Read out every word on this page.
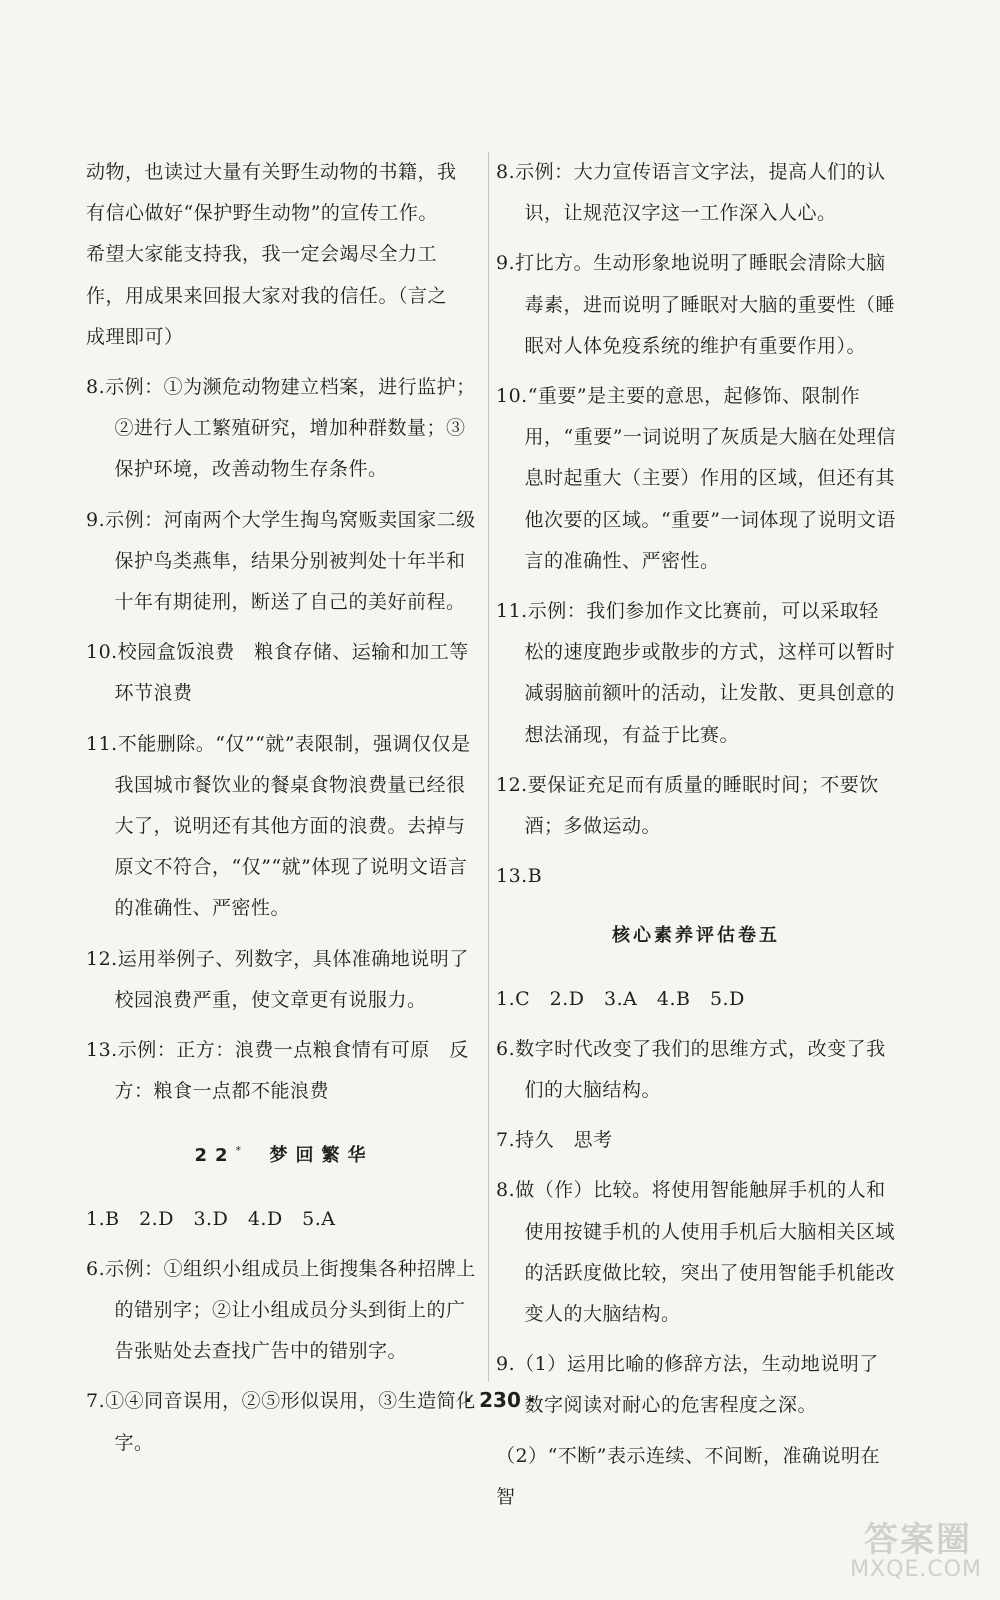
动物，也读过大量有关野生动物的书籍，我
有信心做好“保护野生动物”的宣传工作。
希望大家能支持我，我一定会竭尽全力工
作，用成果来回报大家对我的信任。（言之
成理即可）
8.示例：①为濒危动物建立档案，进行监护；②进行人工繁殖研究，增加种群数量；③保护环境，改善动物生存条件。
9.示例：河南两个大学生掏鸟窝贩卖国家二级保护鸟类燕隼，结果分别被判处十年半和十年有期徒刑，断送了自己的美好前程。
10.校园盒饭浪费　粮食存储、运输和加工等环节浪费
11.不能删除。“仅”“就”表限制，强调仅仅是我国城市餐饮业的餐桌食物浪费量已经很大了，说明还有其他方面的浪费。去掉与原文不符合，“仅”“就”体现了说明文语言的准确性、严密性。
12.运用举例子、列数字，具体准确地说明了校园浪费严重，使文章更有说服力。
13.示例：正方：浪费一点粮食情有可原　反方：粮食一点都不能浪费
22* 梦回繁华
1.B　2.D　3.D　4.D　5.A
6.示例：①组织小组成员上街搜集各种招牌上的错别字；②让小组成员分头到街上的广告张贴处去查找广告中的错别字。
7.①④同音误用，②⑤形似误用，③生造简化字。
8.示例：大力宣传语言文字法，提高人们的认识，让规范汉字这一工作深入人心。
9.打比方。生动形象地说明了睡眠会清除大脑毒素，进而说明了睡眠对大脑的重要性（睡眠对人体免疫系统的维护有重要作用）。
10.“重要”是主要的意思，起修饰、限制作用，“重要”一词说明了灰质是大脑在处理信息时起重大（主要）作用的区域，但还有其他次要的区域。“重要”一词体现了说明文语言的准确性、严密性。
11.示例：我们参加作文比赛前，可以采取轻松的速度跑步或散步的方式，这样可以暂时减弱脑前额叶的活动，让发散、更具创意的想法涌现，有益于比赛。
12.要保证充足而有质量的睡眠时间；不要饮酒；多做运动。
13.B
核心素养评估卷五
1.C　2.D　3.A　4.B　5.D
6.数字时代改变了我们的思维方式，改变了我们的大脑结构。
7.持久　思考
8.做（作）比较。将使用智能触屏手机的人和使用按键手机的人使用手机后大脑相关区域的活跃度做比较，突出了使用智能手机能改变人的大脑结构。
9.（1）运用比喻的修辞方法，生动地说明了数字阅读对耐心的危害程度之深。
（2）“不断”表示连续、不间断，准确说明在智
· 230 ·
答案圈
MXQE.COM
